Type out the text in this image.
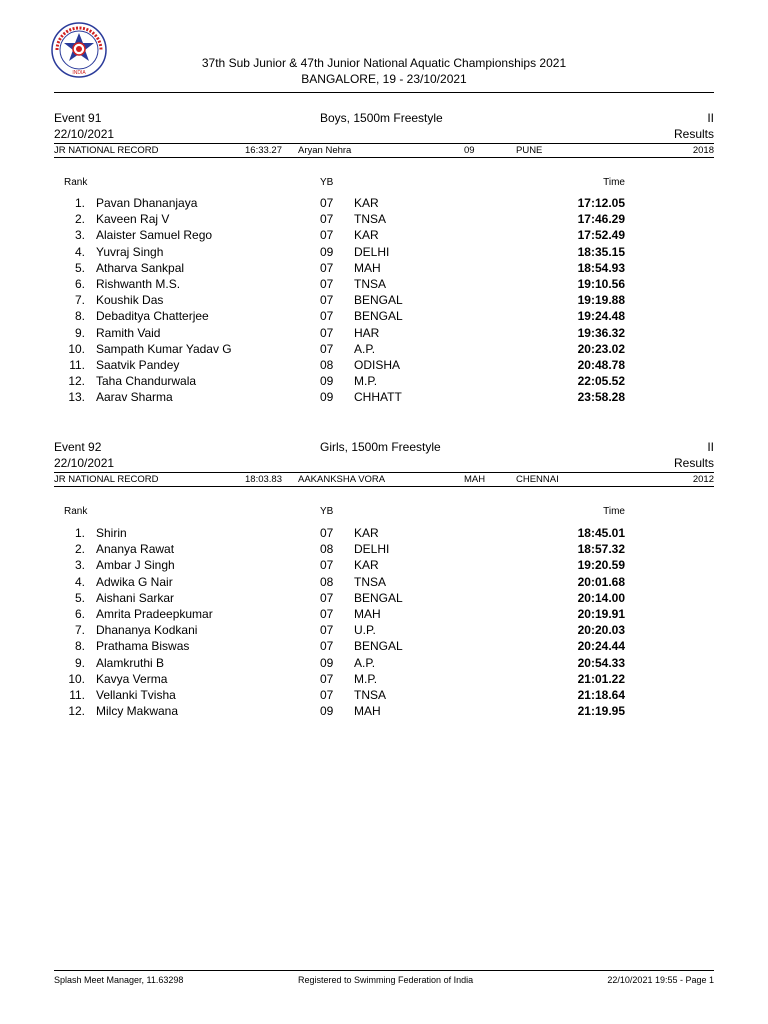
INDIA
37th Sub Junior & 47th Junior National Aquatic Championships 2021
BANGALORE, 19 - 23/10/2021
Event 91	Boys, 1500m Freestyle	II
22/10/2021	Results
JR NATIONAL RECORD	16:33.27 Aryan Nehra	09	PUNE	2018
Rank	YB	Time
1. Pavan Dhananjaya	07 KAR	17:12.05
2. Kaveen Raj V	07 TNSA	17:46.29
3. Alaister Samuel Rego	07 KAR	17:52.49
4. Yuvraj Singh	09 DELHI	18:35.15
5. Atharva Sankpal	07 MAH	18:54.93
6. Rishwanth M.S.	07 TNSA	19:10.56
7. Koushik Das	07 BENGAL	19:19.88
8. Debaditya Chatterjee	07 BENGAL	19:24.48
9. Ramith Vaid	07 HAR	19:36.32
10. Sampath Kumar Yadav G	07 A.P.	20:23.02
11. Saatvik Pandey	08 ODISHA	20:48.78
12. Taha Chandurwala	09 M.P.	22:05.52
13. Aarav Sharma	09 CHHATT	23:58.28
Event 92	Girls, 1500m Freestyle	II
22/10/2021	Results
JR NATIONAL RECORD	18:03.83 AAKANKSHA VORA	MAH	CHENNAI	2012
Rank	YB	Time
1. Shirin	07 KAR	18:45.01
2. Ananya Rawat	08 DELHI	18:57.32
3. Ambar J Singh	07 KAR	19:20.59
4. Adwika G Nair	08 TNSA	20:01.68
5. Aishani Sarkar	07 BENGAL	20:14.00
6. Amrita Pradeepkumar	07 MAH	20:19.91
7. Dhananya Kodkani	07 U.P.	20:20.03
8. Prathama Biswas	07 BENGAL	20:24.44
9. Alamkruthi B	09 A.P.	20:54.33
10. Kavya Verma	07 M.P.	21:01.22
11. Vellanki Tvisha	07 TNSA	21:18.64
12. Milcy Makwana	09 MAH	21:19.95
Splash Meet Manager, 11.63298	Registered to Swimming Federation of India	22/10/2021 19:55 - Page 1
